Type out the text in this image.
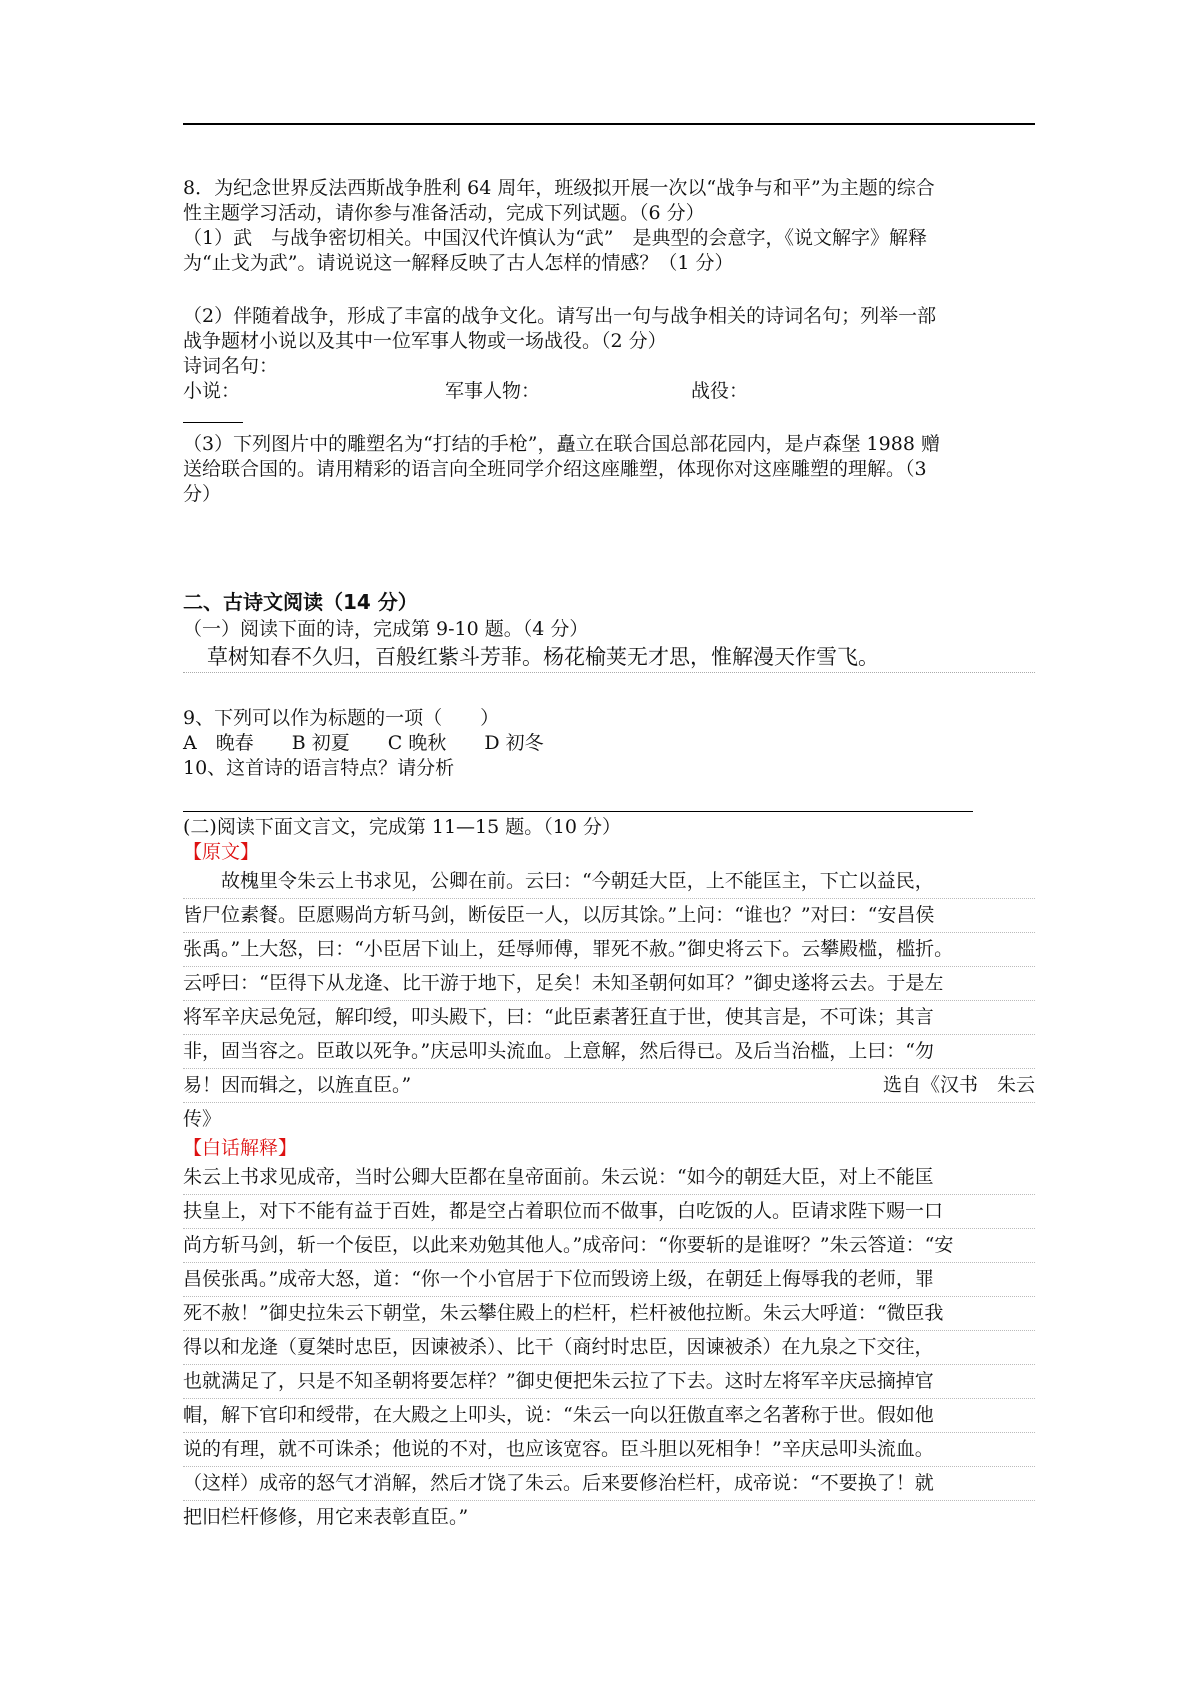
8．为纪念世界反法西斯战争胜利 64 周年，班级拟开展一次以“战争与和平”为主题的综合

性主题学习活动，请你参与准备活动，完成下列试题。（6 分）

（1）武　与战争密切相关。中国汉代许慎认为“武”　是典型的会意字，《说文解字》解释

为“止戈为武”。请说说这一解释反映了古人怎样的情感？（1 分）

（2）伴随着战争，形成了丰富的战争文化。请写出一句与战争相关的诗词名句；列举一部

战争题材小说以及其中一位军事人物或一场战役。（2 分）

诗词名句：

小说：	军事人物：	战役：

（3）下列图片中的雕塑名为“打结的手枪”，矗立在联合国总部花园内，是卢森堡 1988 赠

送给联合国的。请用精彩的语言向全班同学介绍这座雕塑，体现你对这座雕塑的理解。（3

分）

二、古诗文阅读（14 分）

（一）阅读下面的诗，完成第 9-10 题。（4 分）

草树知春不久归，百般红紫斗芳菲。杨花榆荚无才思，惟解漫天作雪飞。

9、下列可以作为标题的一项（　　）

A　晚春 B 初夏 C 晚秋 D 初冬

10、这首诗的语言特点？请分析

(二)阅读下面文言文，完成第 11—15 题。（10 分）

【原文】

故槐里令朱云上书求见，公卿在前。云曰：“今朝廷大臣，上不能匡主，下亡以益民，
皆尸位素餐。臣愿赐尚方斩马剑，断佞臣一人，以厉其馀。”上问：“谁也？”对曰：“安昌侯
张禹。”上大怒，曰：“小臣居下讪上，廷辱师傅，罪死不赦。”御史将云下。云攀殿槛，槛折。
云呼曰：“臣得下从龙逄、比干游于地下，足矣！未知圣朝何如耳？”御史遂将云去。于是左
将军辛庆忌免冠，解印绶，叩头殿下，曰：“此臣素著狂直于世，使其言是，不可诛；其言
非，固当容之。臣敢以死争。”庆忌叩头流血。上意解，然后得已。及后当治槛，上曰：“勿
易！因而辑之，以旌直臣。”	选自《汉书　朱云
传》

【白话解释】

朱云上书求见成帝，当时公卿大臣都在皇帝面前。朱云说：“如今的朝廷大臣，对上不能匡
扶皇上，对下不能有益于百姓，都是空占着职位而不做事，白吃饭的人。臣请求陛下赐一口
尚方斩马剑，斩一个佞臣，以此来劝勉其他人。”成帝问：“你要斩的是谁呀？”朱云答道：“安
昌侯张禹。”成帝大怒，道：“你一个小官居于下位而毁谤上级，在朝廷上侮辱我的老师，罪
死不赦！”御史拉朱云下朝堂，朱云攀住殿上的栏杆，栏杆被他拉断。朱云大呼道：“微臣我
得以和龙逄（夏桀时忠臣，因谏被杀）、比干（商纣时忠臣，因谏被杀）在九泉之下交往，
也就满足了，只是不知圣朝将要怎样？”御史便把朱云拉了下去。这时左将军辛庆忌摘掉官
帽，解下官印和绶带，在大殿之上叩头，说：“朱云一向以狂傲直率之名著称于世。假如他
说的有理，就不可诛杀；他说的不对，也应该宽容。臣斗胆以死相争！”辛庆忌叩头流血。
（这样）成帝的怒气才消解，然后才饶了朱云。后来要修治栏杆，成帝说：“不要换了！就
把旧栏杆修修，用它来表彰直臣。”
